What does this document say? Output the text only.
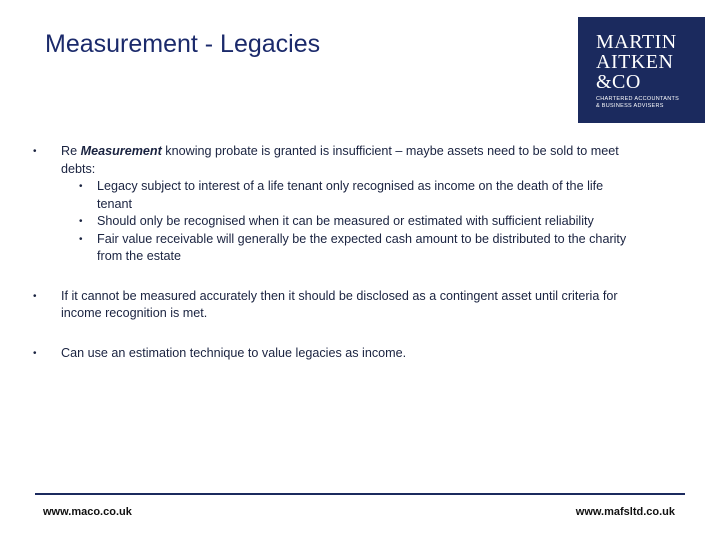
Measurement - Legacies	MARTIN
AITKEN
&CO
CHARTERED ACCOUNTANTS
& BUSINESS ADVISERS
• Re Measurement knowing probate is granted is insufficient – maybe assets need to be sold to meet debts:
• Legacy subject to interest of a life tenant only recognised as income on the death of the life tenant
• Should only be recognised when it can be measured or estimated with sufficient reliability
• Fair value receivable will generally be the expected cash amount to be distributed to the charity from the estate
• If it cannot be measured accurately then it should be disclosed as a contingent asset until criteria for income recognition is met.
• Can use an estimation technique to value legacies as income.
www.maco.co.uk	www.mafsltd.co.uk
